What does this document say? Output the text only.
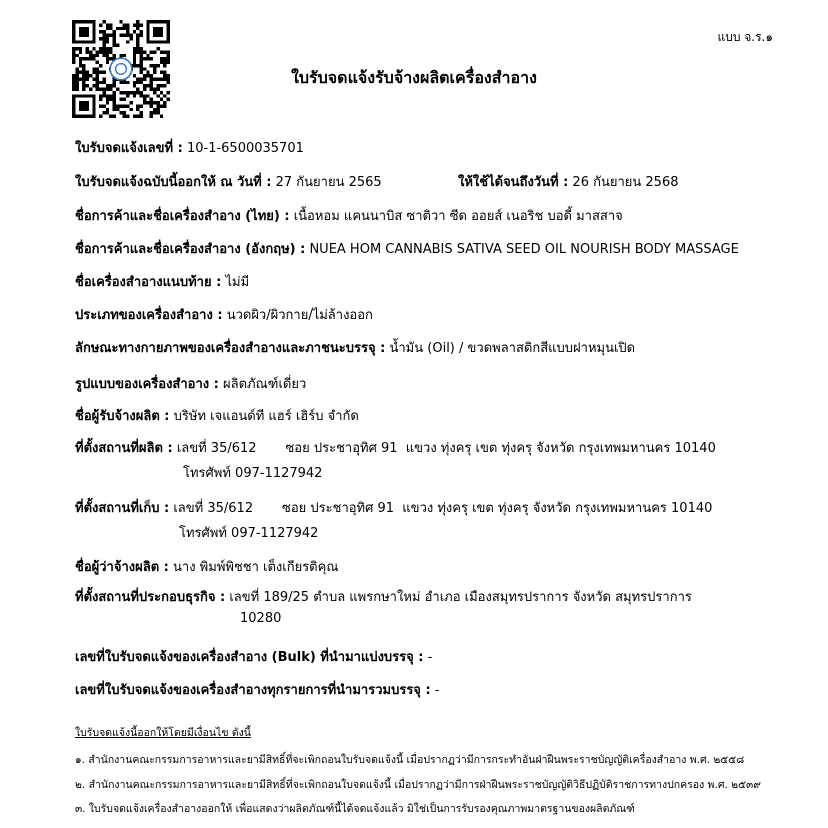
แบบ จ.ร.๑
ใบรับจดแจ้งรับจ้างผลิตเครื่องสำอาง
ใบรับจดแจ้งเลขที่ : 10-1-6500035701
ใบรับจดแจ้งฉบับนี้ออกให้ ณ วันที่ : 27 กันยายน 2565	ให้ใช้ได้จนถึงวันที่ : 26 กันยายน 2568
ชื่อการค้าและชื่อเครื่องสำอาง (ไทย) : เนื้อหอม แคนนาบิส ซาติวา ซีด ออยส์ เนอริช บอดี้ มาสสาจ
ชื่อการค้าและชื่อเครื่องสำอาง (อังกฤษ) : NUEA HOM CANNABIS SATIVA SEED OIL NOURISH BODY MASSAGE
ชื่อเครื่องสำอางแนบท้าย : ไม่มี
ประเภทของเครื่องสำอาง : นวดผิว/ผิวกาย/ไม่ล้างออก
ลักษณะทางกายภาพของเครื่องสำอางและภาชนะบรรจุ : น้ำมัน (Oil) / ขวดพลาสติกสีแบบฝาหมุนเปิด
รูปแบบของเครื่องสำอาง : ผลิตภัณฑ์เดี่ยว
ชื่อผู้รับจ้างผลิต : บริษัท เจแอนด์ที แฮร์ เฮิร์บ จำกัด
ที่ตั้งสถานที่ผลิต : เลขที่ 35/612       ซอย ประชาอุทิศ 91  แขวง ทุ่งครุ เขต ทุ่งครุ จังหวัด กรุงเทพมหานคร 10140
โทรศัพท์ 097-1127942
ที่ตั้งสถานที่เก็บ : เลขที่ 35/612       ซอย ประชาอุทิศ 91  แขวง ทุ่งครุ เขต ทุ่งครุ จังหวัด กรุงเทพมหานคร 10140
โทรศัพท์ 097-1127942
ชื่อผู้ว่าจ้างผลิต : นาง พิมพ์พิชชา เต็งเกียรติคุณ
ที่ตั้งสถานที่ประกอบธุรกิจ : เลขที่ 189/25 ตำบล แพรกษาใหม่ อำเภอ เมืองสมุทรปราการ จังหวัด สมุทรปราการ
10280
เลขที่ใบรับจดแจ้งของเครื่องสำอาง (Bulk) ที่นำมาแบ่งบรรจุ : -
เลขที่ใบรับจดแจ้งของเครื่องสำอางทุกรายการที่นำมารวมบรรจุ : -
ใบรับจดแจ้งนี้ออกให้โดยมีเงื่อนไข ดังนี้
๑. สำนักงานคณะกรรมการอาหารและยามีสิทธิ์ที่จะเพิกถอนใบรับจดแจ้งนี้ เมื่อปรากฏว่ามีการกระทำอันฝ่าฝืนพระราชบัญญัติเครื่องสำอาง พ.ศ. ๒๕๕๘
๒. สำนักงานคณะกรรมการอาหารและยามีสิทธิ์ที่จะเพิกถอนใบจดแจ้งนี้ เมื่อปรากฏว่ามีการฝ่าฝืนพระราชบัญญัติวิธีปฏิบัติราชการทางปกครอง พ.ศ. ๒๕๓๙
๓. ใบรับจดแจ้งเครื่องสำอางออกให้ เพื่อแสดงว่าผลิตภัณฑ์นี้ได้จดแจ้งแล้ว มิใช่เป็นการรับรองคุณภาพมาตรฐานของผลิตภัณฑ์
